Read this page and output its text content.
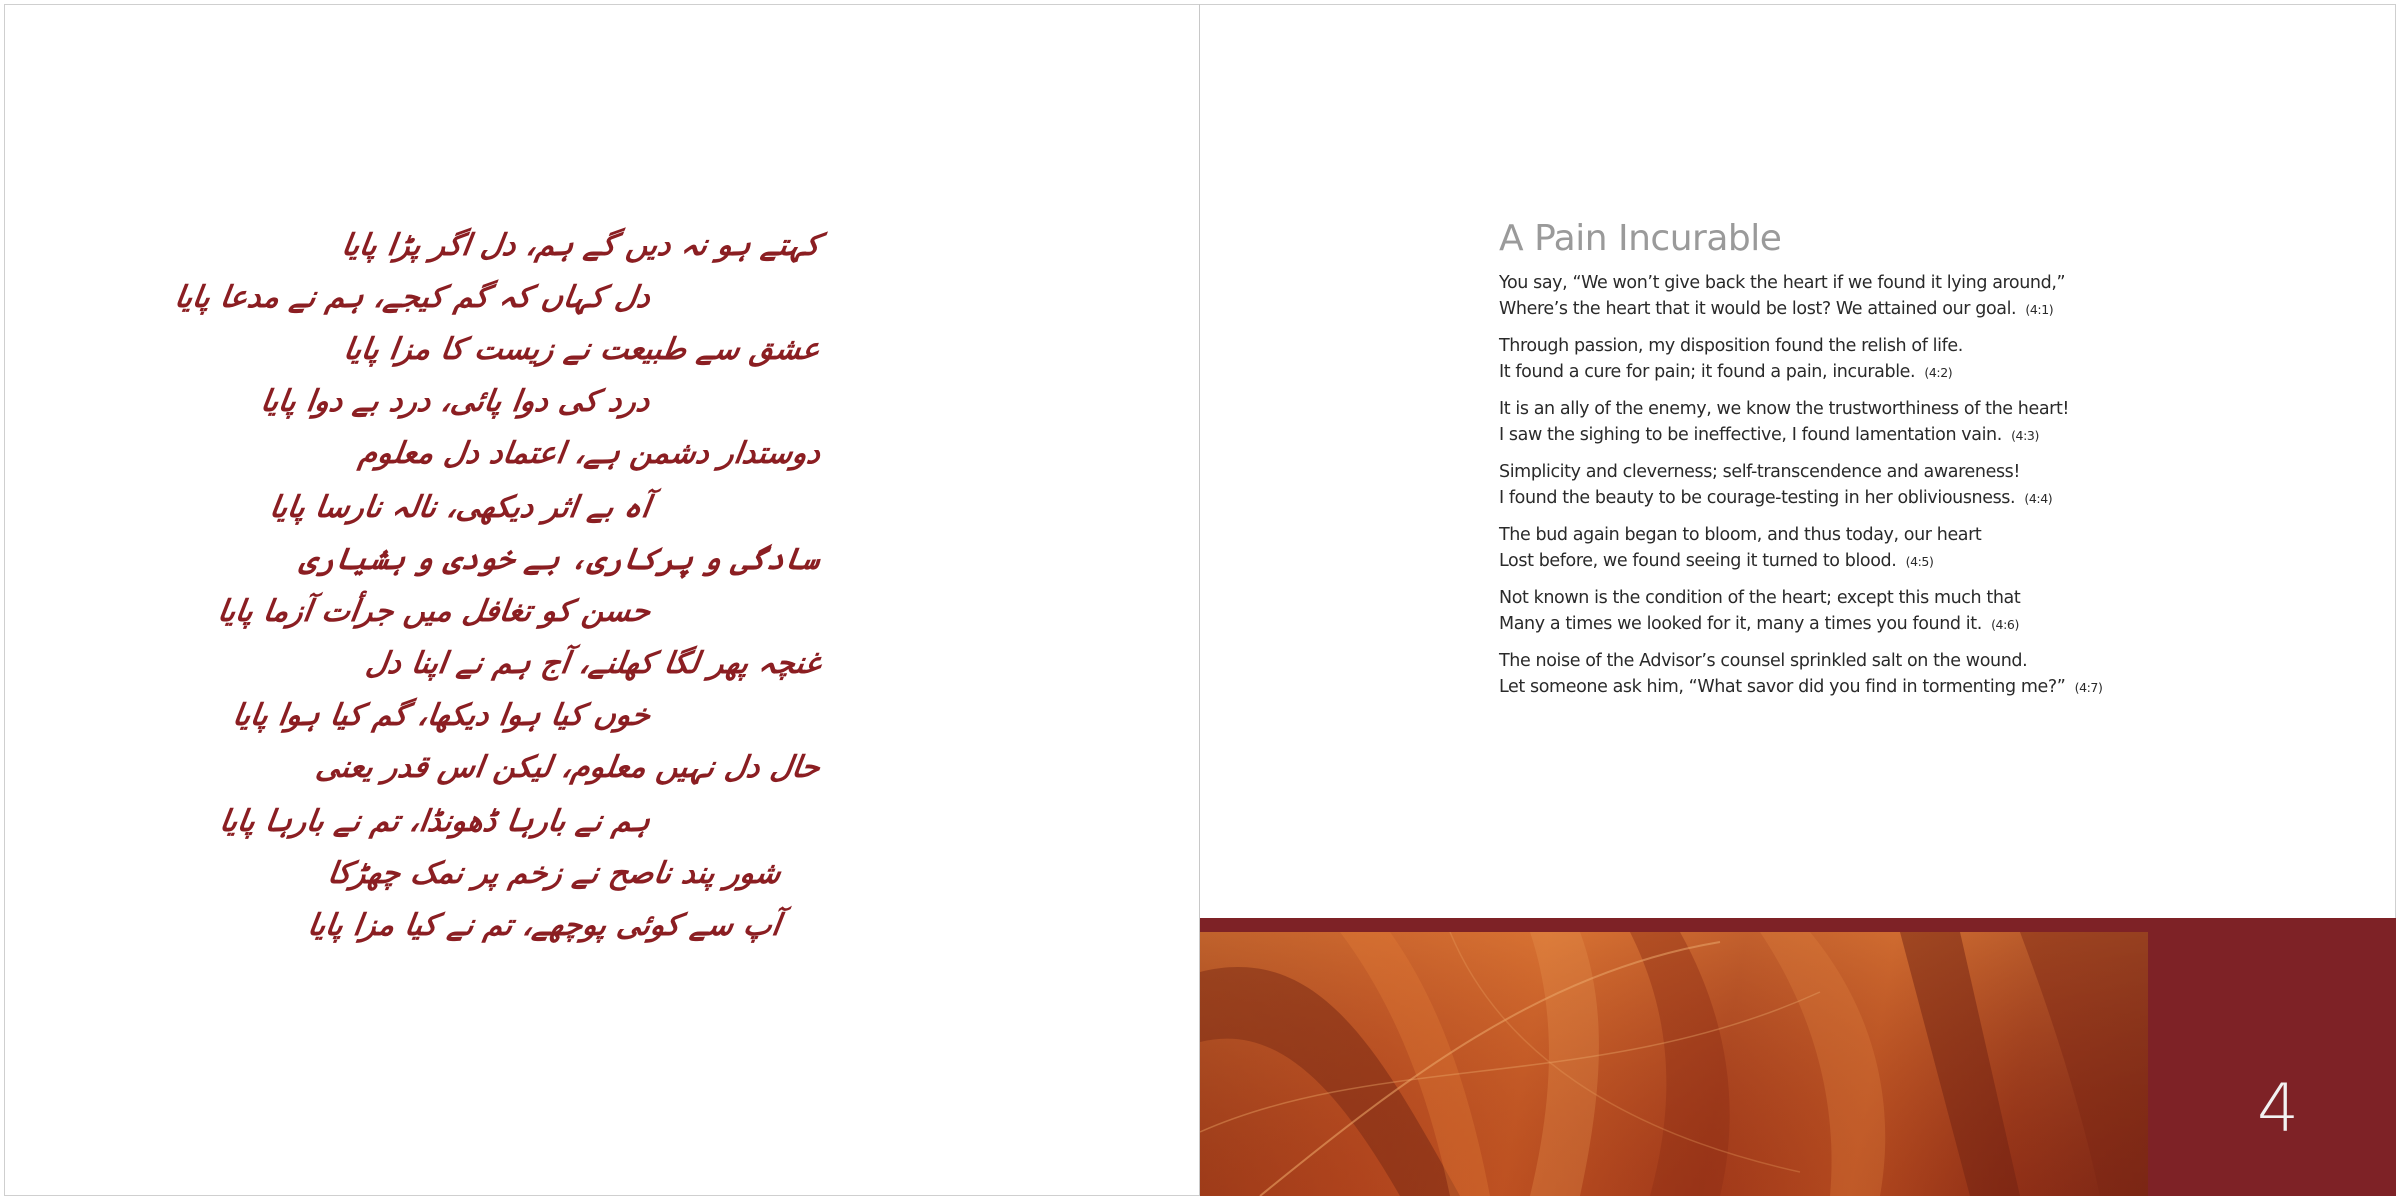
کہتے ہو نہ دیں گے ہم، دل اگر پڑا پایا
دل کہاں کہ گم کیجے، ہم نے مدعا پایا
عشق سے طبیعت نے زیست کا مزا پایا
درد کی دوا پائی، درد بے دوا پایا
دوستدار دشمن ہے، اعتماد دل معلوم
آہ بے اثر دیکھی، نالہ نارسا پایا
سادگی و پرکاری، بے خودی و ہشیاری
حسن کو تغافل میں جرأت آزما پایا
غنچہ پھر لگا کھلنے، آج ہم نے اپنا دل
خوں کیا ہوا دیکھا، گم کیا ہوا پایا
حال دل نہیں معلوم، لیکن اس قدر یعنی
ہم نے بارہا ڈھونڈا، تم نے بارہا پایا
شور پند ناصح نے زخم پر نمک چھڑکا
آپ سے کوئی پوچھے، تم نے کیا مزا پایا
A Pain Incurable
You say, “We won’t give back the heart if we found it lying around,”
Where’s the heart that it would be lost? We attained our goal. (4:1)
Through passion, my disposition found the relish of life.
It found a cure for pain; it found a pain, incurable. (4:2)
It is an ally of the enemy, we know the trustworthiness of the heart!
I saw the sighing to be ineffective, I found lamentation vain. (4:3)
Simplicity and cleverness; self-transcendence and awareness!
I found the beauty to be courage-testing in her obliviousness. (4:4)
The bud again began to bloom, and thus today, our heart
Lost before, we found seeing it turned to blood. (4:5)
Not known is the condition of the heart; except this much that
Many a times we looked for it, many a times you found it. (4:6)
The noise of the Advisor’s counsel sprinkled salt on the wound.
Let someone ask him, “What savor did you find in tormenting me?” (4:7)
4
